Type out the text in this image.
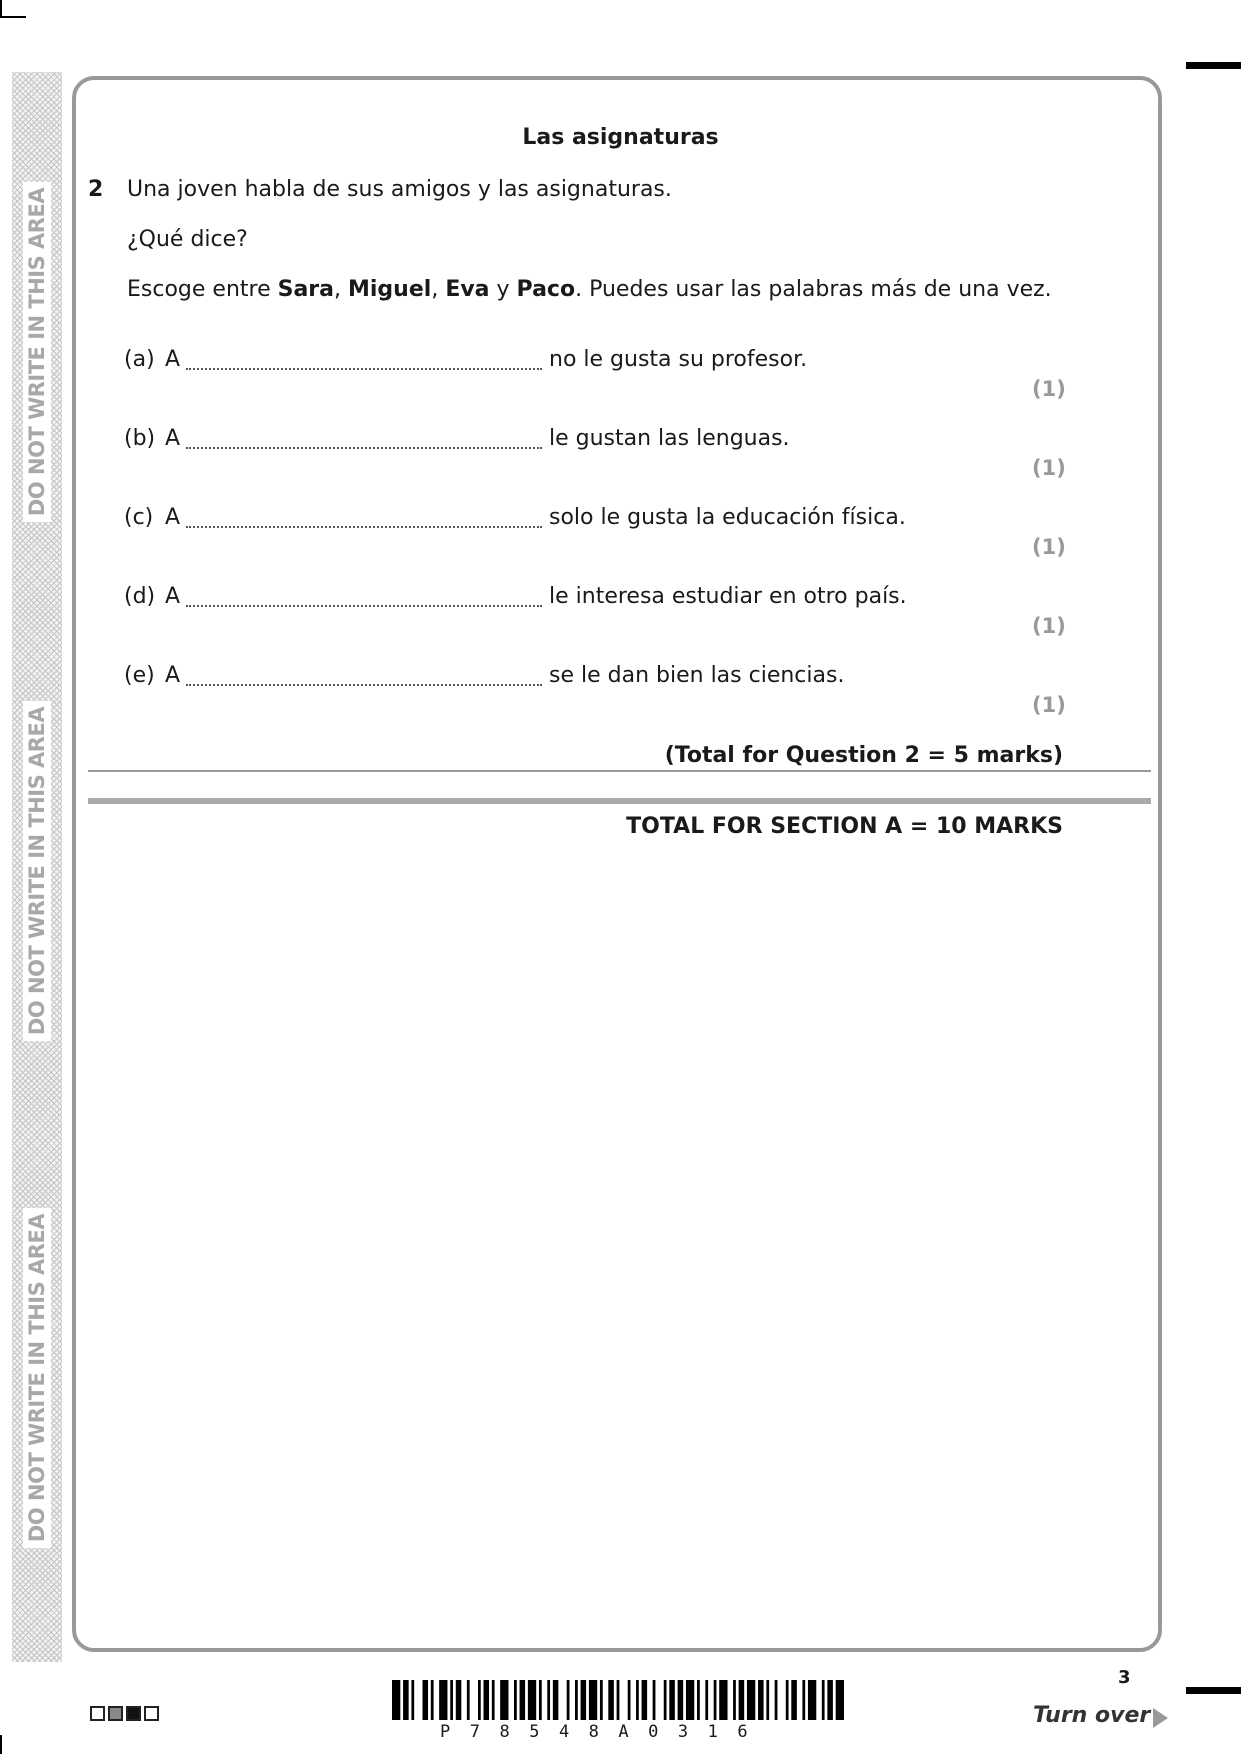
DO NOT WRITE IN THIS AREA
DO NOT WRITE IN THIS AREA
DO NOT WRITE IN THIS AREA
Las asignaturas
2 Una joven habla de sus amigos y las asignaturas.
¿Qué dice?
Escoge entre Sara, Miguel, Eva y Paco. Puedes usar las palabras más de una vez.
(a) A	no le gusta su profesor.
(1)
(b) A	le gustan las lenguas.
(1)
(c) A	solo le gusta la educación física.
(1)
(d) A	le interesa estudiar en otro país.
(1)
(e) A	se le dan bien las ciencias.
(1)
(Total for Question 2 = 5 marks)
TOTAL FOR SECTION A = 10 MARKS
P78548A0316
3
Turn over
